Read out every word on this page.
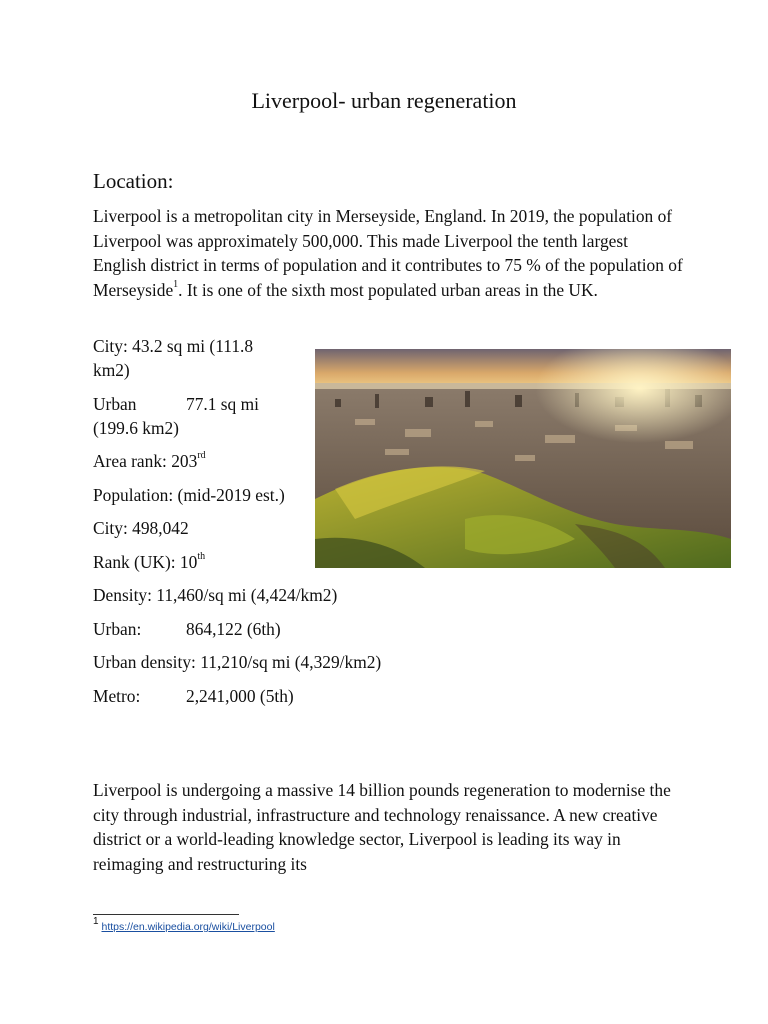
Liverpool- urban regeneration
Location:
Liverpool is a metropolitan city in Merseyside, England. In 2019, the population of Liverpool was approximately 500,000. This made Liverpool the tenth largest English district in terms of population and it contributes to 75 % of the population of Merseyside$^1$. It is one of the sixth most populated urban areas in the UK.
City: 43.2 sq mi (111.8 km2)
Urban	77.1 sq mi (199.6 km2)
Area rank: 203rd
Population: (mid-2019 est.)
City: 498,042
Rank (UK): 10th
Density: 11,460/sq mi (4,424/km2)
Urban:	864,122 (6th)
Urban density: 11,210/sq mi (4,329/km2)
Metro:	2,241,000 (5th)
Liverpool is undergoing a massive 14 billion pounds regeneration to modernise the city through industrial, infrastructure and technology renaissance. A new creative district or a world-leading knowledge sector, Liverpool is leading its way in reimaging and restructuring its
$^1$ https://en.wikipedia.org/wiki/Liverpool
